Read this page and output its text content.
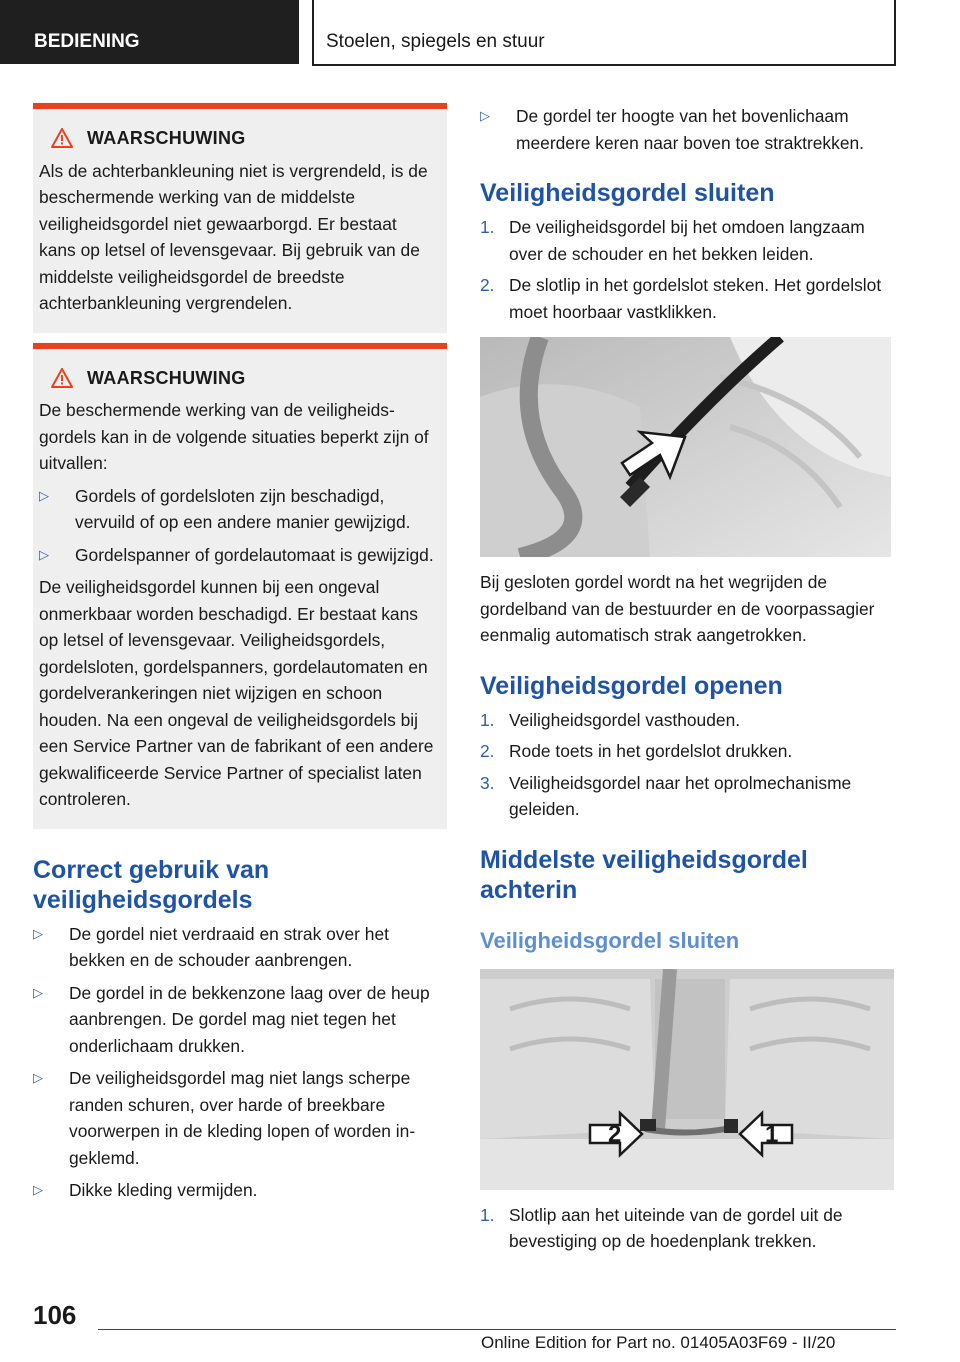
BEDIENING	Stoelen, spiegels en stuur
WAARSCHUWING

Als de achterbankleuning niet is vergrendeld, is de beschermende werking van de middelste veiligheidsgordel niet gewaarborgd. Er bestaat kans op letsel of levensgevaar. Bij gebruik van de middelste veiligheidsgordel de breedste achterbankleuning vergrendelen.

WAARSCHUWING

De beschermende werking van de veiligheidsgordels kan in de volgende situaties beperkt zijn of uitvallen:

▷ Gordels of gordelsloten zijn beschadigd, vervuild of op een andere manier gewijzigd.
▷ Gordelspanner of gordelautomaat is gewijzigd.

De veiligheidsgordel kunnen bij een ongeval onmerkbaar worden beschadigd. Er bestaat kans op letsel of levensgevaar. Veiligheidsgordels, gordelsloten, gordelspanners, gordelautomaten en gordelverankeringen niet wijzigen en schoon houden. Na een ongeval de veiligheidsgordels bij een Service Partner van de fabrikant of een andere gekwalificeerde Service Partner of specialist laten controleren.

Correct gebruik van veiligheidsgordels
▷ De gordel niet verdraaid en strak over het bekken en de schouder aanbrengen.
▷ De gordel in de bekkenzone laag over de heup aanbrengen. De gordel mag niet tegen het onderlichaam drukken.
▷ De veiligheidsgordel mag niet langs scherpe randen schuren, over harde of breekbare voorwerpen in de kleding lopen of worden ingeklemd.
▷ Dikke kleding vermijden.
▷ De gordel ter hoogte van het bovenlichaam meerdere keren naar boven toe straktrekken.
Veiligheidsgordel sluiten
1. De veiligheidsgordel bij het omdoen langzaam over de schouder en het bekken leiden.
2. De slotlip in het gordelslot steken. Het gordelslot moet hoorbaar vastklikken.

Bij gesloten gordel wordt na het wegrijden de gordelband van de bestuurder en de voorpassagier eenmalig automatisch strak aangetrokken.

Veiligheidsgordel openen
1. Veiligheidsgordel vasthouden.
2. Rode toets in het gordelslot drukken.
3. Veiligheidsgordel naar het oprolmechanisme geleiden.
Middelste veiligheidsgordel achterin
Veiligheidsgordel sluiten
2	1
1. Slotlip aan het uiteinde van de gordel uit de bevestiging op de hoedenplank trekken.
106
Online Edition for Part no. 01405A03F69 - II/20
